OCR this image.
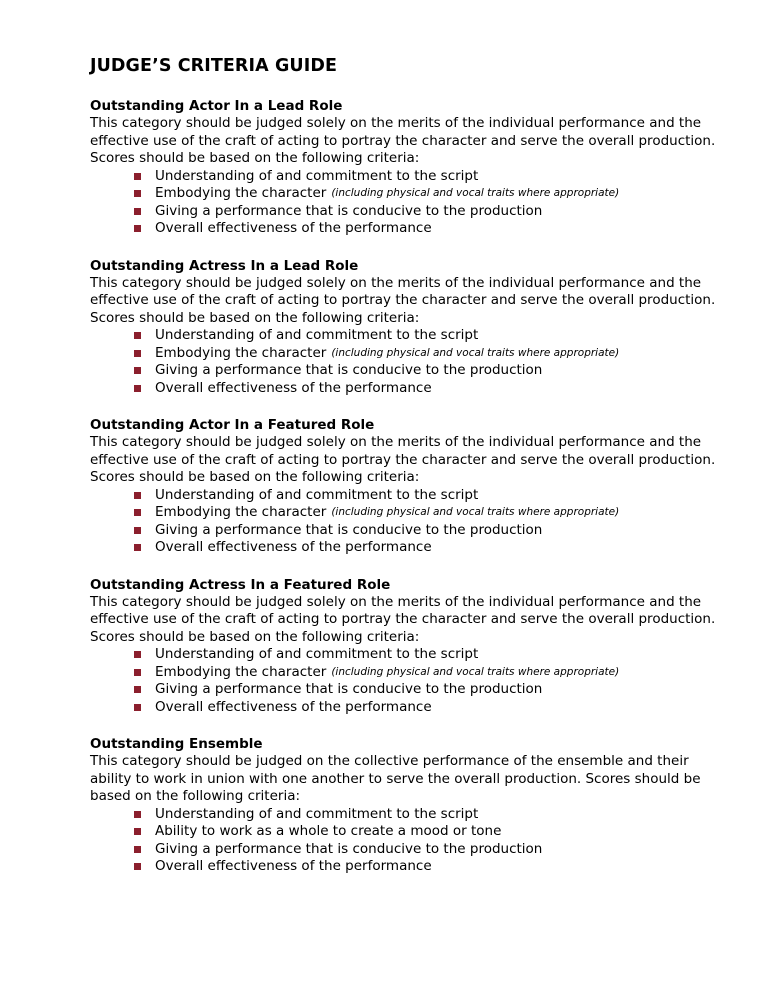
JUDGE’S CRITERIA GUIDE
Outstanding Actor In a Lead Role

This category should be judged solely on the merits of the individual performance and the effective use of the craft of acting to portray the character and serve the overall production. Scores should be based on the following criteria:

Understanding of and commitment to the script
Embodying the character (including physical and vocal traits where appropriate)
Giving a performance that is conducive to the production
Overall effectiveness of the performance
Outstanding Actress In a Lead Role

This category should be judged solely on the merits of the individual performance and the effective use of the craft of acting to portray the character and serve the overall production. Scores should be based on the following criteria:

Understanding of and commitment to the script
Embodying the character (including physical and vocal traits where appropriate)
Giving a performance that is conducive to the production
Overall effectiveness of the performance
Outstanding Actor In a Featured Role

This category should be judged solely on the merits of the individual performance and the effective use of the craft of acting to portray the character and serve the overall production. Scores should be based on the following criteria:

Understanding of and commitment to the script
Embodying the character (including physical and vocal traits where appropriate)
Giving a performance that is conducive to the production
Overall effectiveness of the performance
Outstanding Actress In a Featured Role

This category should be judged solely on the merits of the individual performance and the effective use of the craft of acting to portray the character and serve the overall production. Scores should be based on the following criteria:

Understanding of and commitment to the script
Embodying the character (including physical and vocal traits where appropriate)
Giving a performance that is conducive to the production
Overall effectiveness of the performance
Outstanding Ensemble

This category should be judged on the collective performance of the ensemble and their ability to work in union with one another to serve the overall production. Scores should be based on the following criteria:

Understanding of and commitment to the script
Ability to work as a whole to create a mood or tone
Giving a performance that is conducive to the production
Overall effectiveness of the performance
